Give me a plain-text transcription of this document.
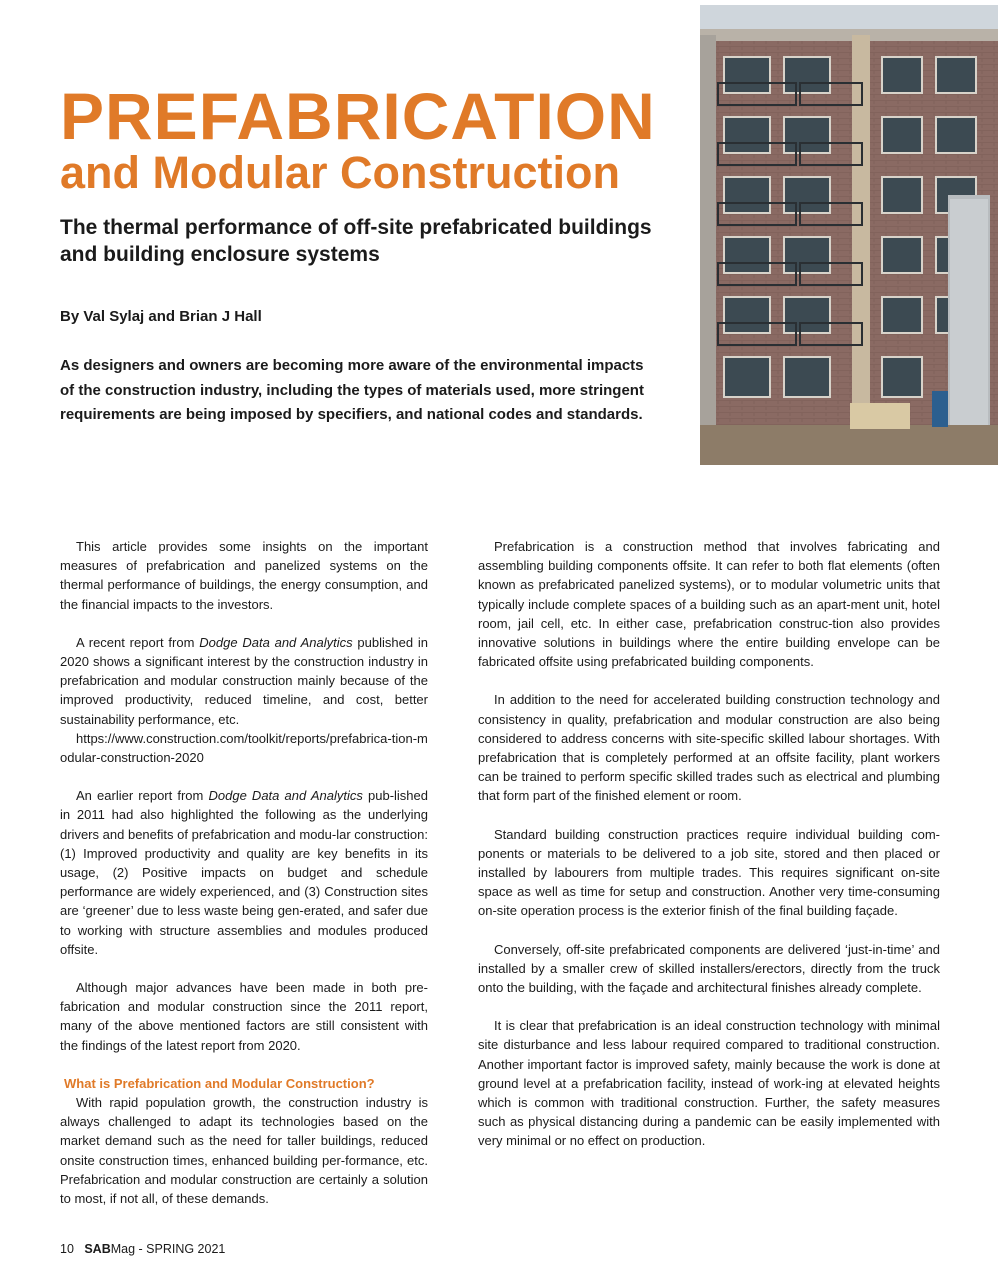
PREFABRICATION
and Modular Construction
The thermal performance of off-site prefabricated buildings and building enclosure systems
By Val Sylaj and Brian J Hall
As designers and owners are becoming more aware of the environmental impacts of the construction industry, including the types of materials used, more stringent requirements are being imposed by specifiers, and national codes and standards.

This article provides some insights on the important measures of prefabrication and panelized systems on the thermal performance of buildings, the energy consumption, and the financial impacts to the investors.

A recent report from Dodge Data and Analytics published in 2020 shows a significant interest by the construction industry in prefabrication and modular construction mainly because of the improved productivity, reduced timeline, and cost, better sustainability performance, etc.

https://www.construction.com/toolkit/reports/prefabrica-tion-modular-construction-2020

An earlier report from Dodge Data and Analytics pub-lished in 2011 had also highlighted the following as the underlying drivers and benefits of prefabrication and modu-lar construction: (1) Improved productivity and quality are key benefits in its usage, (2) Positive impacts on budget and schedule performance are widely experienced, and (3) Construction sites are ‘greener’ due to less waste being gen-erated, and safer due to working with structure assemblies and modules produced offsite.

Although major advances have been made in both pre-fabrication and modular construction since the 2011 report, many of the above mentioned factors are still consistent with the findings of the latest report from 2020.

What is Prefabrication and Modular Construction?

With rapid population growth, the construction industry is always challenged to adapt its technologies based on the market demand such as the need for taller buildings, reduced onsite construction times, enhanced building per-formance, etc. Prefabrication and modular construction are certainly a solution to most, if not all, of these demands.

Prefabrication is a construction method that involves fabricating and assembling building components offsite. It can refer to both flat elements (often known as prefabricated panelized systems), or to modular volumetric units that typically include complete spaces of a building such as an apart-ment unit, hotel room, jail cell, etc. In either case, prefabrication construc-tion also provides innovative solutions in buildings where the entire building envelope can be fabricated offsite using prefabricated building components.

In addition to the need for accelerated building construction technology and consistency in quality, prefabrication and modular construction are also being considered to address concerns with site-specific skilled labour shortages. With prefabrication that is completely performed at an offsite facility, plant workers can be trained to perform specific skilled trades such as electrical and plumbing that form part of the finished element or room.

Standard building construction practices require individual building com-ponents or materials to be delivered to a job site, stored and then placed or installed by labourers from multiple trades. This requires significant on-site space as well as time for setup and construction. Another very time-consuming on-site operation process is the exterior finish of the final building façade.

Conversely, off-site prefabricated components are delivered ‘just-in-time’ and installed by a smaller crew of skilled installers/erectors, directly from the truck onto the building, with the façade and architectural finishes already complete.

It is clear that prefabrication is an ideal construction technology with minimal site disturbance and less labour required compared to traditional construction. Another important factor is improved safety, mainly because the work is done at ground level at a prefabrication facility, instead of work-ing at elevated heights which is common with traditional construction. Further, the safety measures such as physical distancing during a pandemic can be easily implemented with very minimal or no effect on production.

10 SABMag - SPRING 2021
